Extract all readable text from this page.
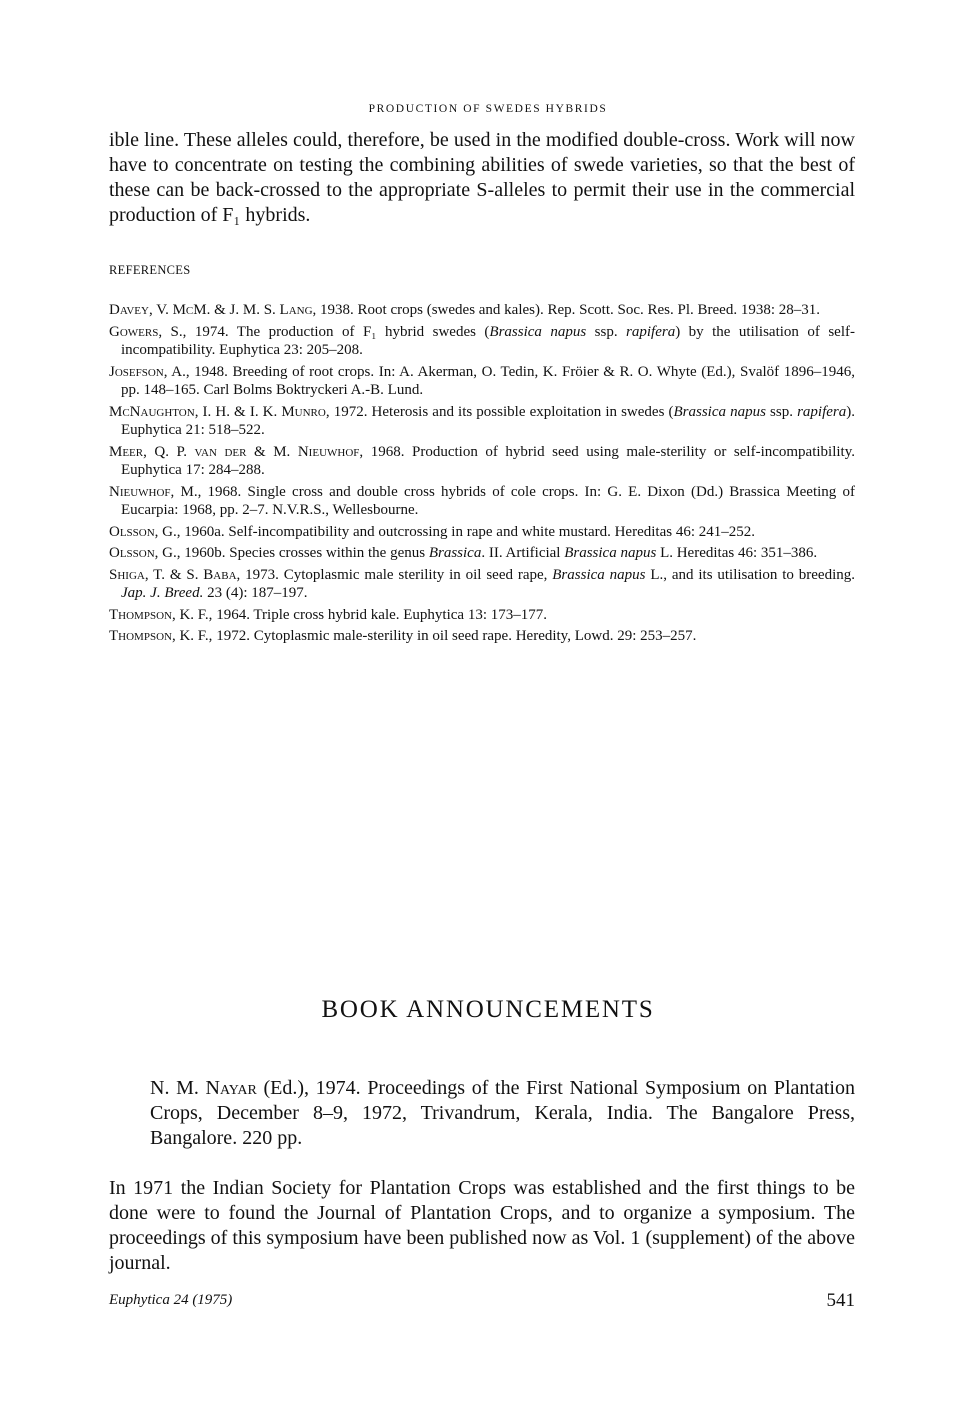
PRODUCTION OF SWEDES HYBRIDS

ible line. These alleles could, therefore, be used in the modified double-cross. Work will now have to concentrate on testing the combining abilities of swede varieties, so that the best of these can be back-crossed to the appropriate S-alleles to permit their use in the commercial production of F₁ hybrids.

REFERENCES
Davey, V. McM. & J. M. S. Lang, 1938. Root crops (swedes and kales). Rep. Scott. Soc. Res. Pl. Breed. 1938: 28–31.
Gowers, S., 1974. The production of F₁ hybrid swedes (Brassica napus ssp. rapifera) by the utilisation of self-incompatibility. Euphytica 23: 205–208.
Josefson, A., 1948. Breeding of root crops. In: A. Akerman, O. Tedin, K. Fröier & R. O. Whyte (Ed.), Svalöf 1896–1946, pp. 148–165. Carl Bolms Boktryckeri A.-B. Lund.
McNaughton, I. H. & I. K. Munro, 1972. Heterosis and its possible exploitation in swedes (Brassica napus ssp. rapifera). Euphytica 21: 518–522.
Meer, Q. P. van der & M. Nieuwhof, 1968. Production of hybrid seed using male-sterility or self-incompatibility. Euphytica 17: 284–288.
Nieuwhof, M., 1968. Single cross and double cross hybrids of cole crops. In: G. E. Dixon (Dd.) Brassica Meeting of Eucarpia: 1968, pp. 2–7. N.V.R.S., Wellesbourne.
Olsson, G., 1960a. Self-incompatibility and outcrossing in rape and white mustard. Hereditas 46: 241–252.
Olsson, G., 1960b. Species crosses within the genus Brassica. II. Artificial Brassica napus L. Hereditas 46: 351–386.
Shiga, T. & S. Baba, 1973. Cytoplasmic male sterility in oil seed rape, Brassica napus L., and its utilisation to breeding. Jap. J. Breed. 23 (4): 187–197.
Thompson, K. F., 1964. Triple cross hybrid kale. Euphytica 13: 173–177.
Thompson, K. F., 1972. Cytoplasmic male-sterility in oil seed rape. Heredity, Lowd. 29: 253–257.
BOOK ANNOUNCEMENTS

N. M. Nayar (Ed.), 1974. Proceedings of the First National Symposium on Plantation Crops, December 8–9, 1972, Trivandrum, Kerala, India. The Bangalore Press, Bangalore. 220 pp.

In 1971 the Indian Society for Plantation Crops was established and the first things to be done were to found the Journal of Plantation Crops, and to organize a symposium. The proceedings of this symposium have been published now as Vol. 1 (supplement) of the above journal.

Euphytica 24 (1975)	541
